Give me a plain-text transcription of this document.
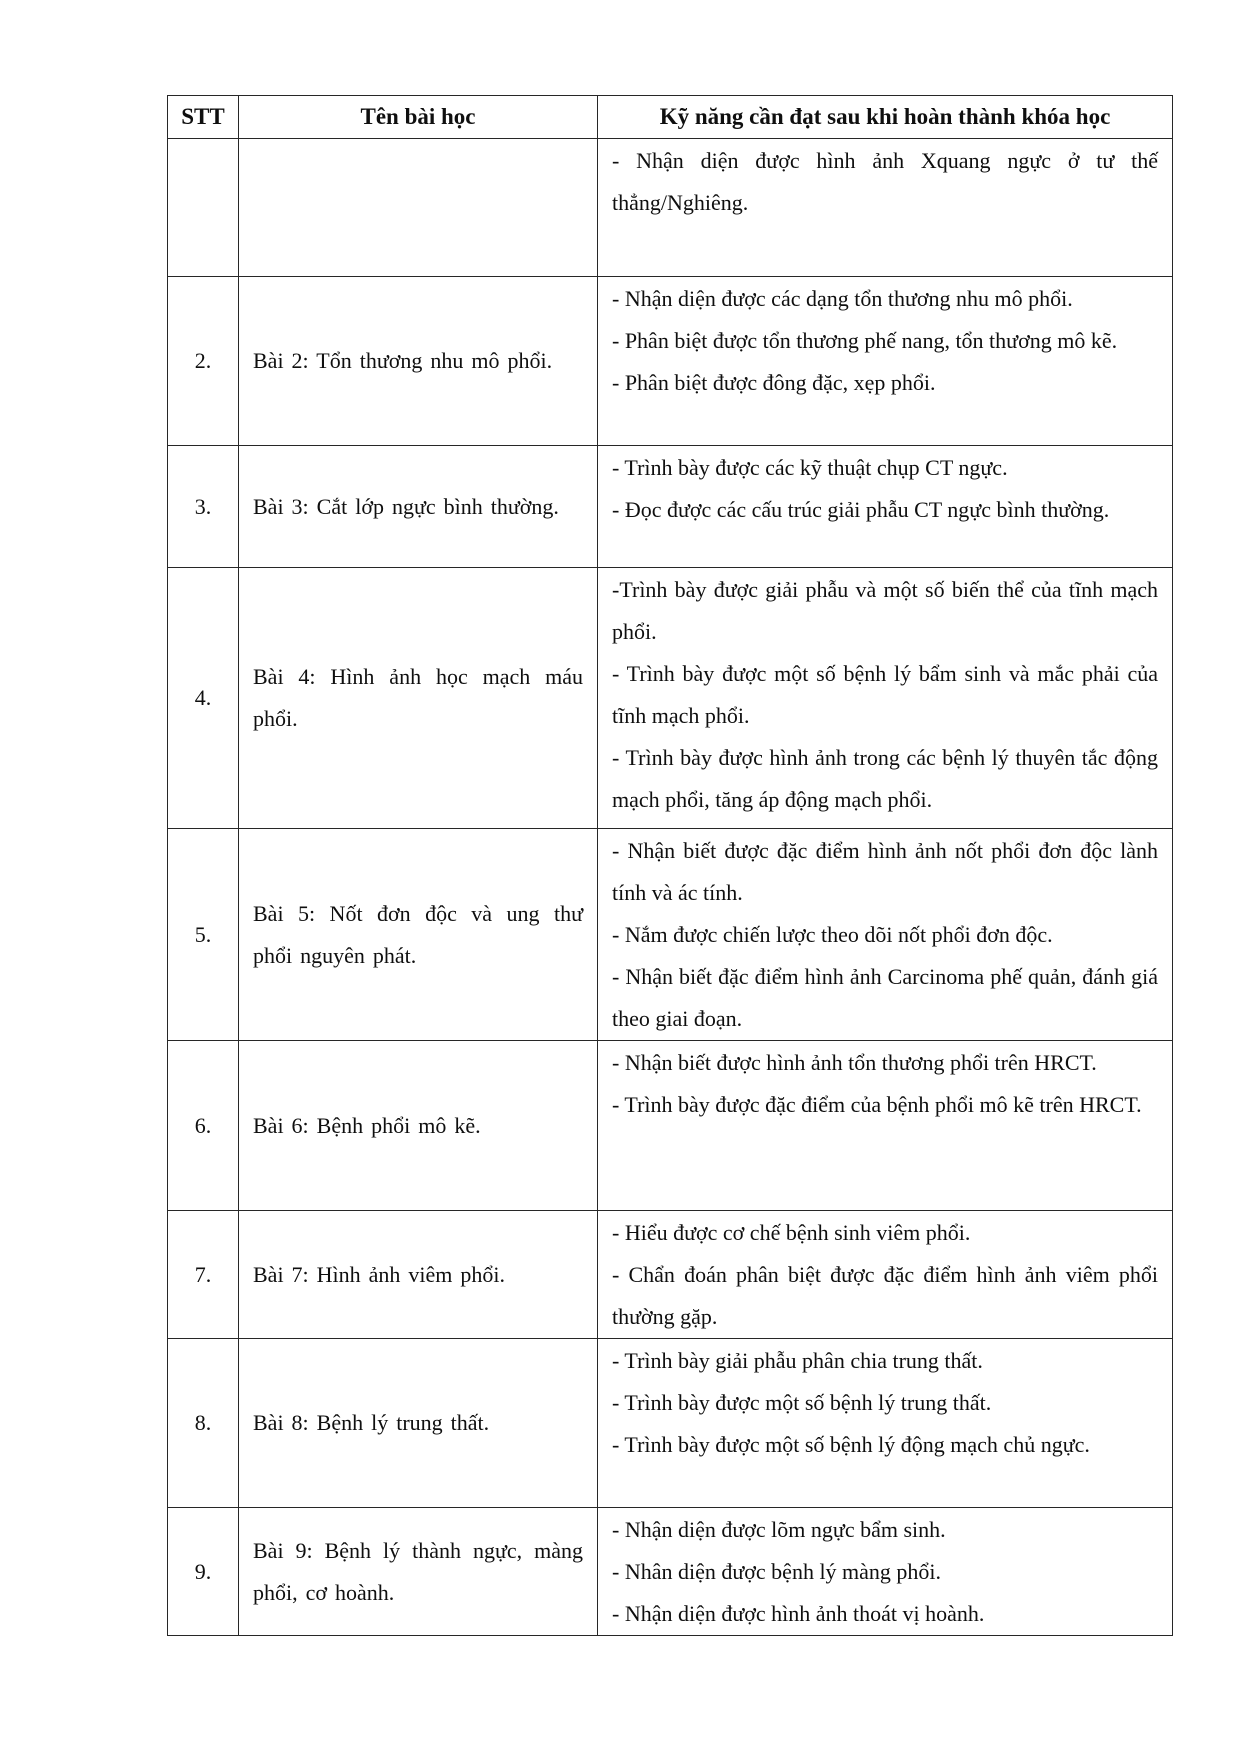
STT	Tên bài học	Kỹ năng cần đạt sau khi hoàn thành khóa học

		- Nhận diện được hình ảnh Xquang ngực ở tư thế thẳng/Nghiêng.

2.	Bài 2: Tổn thương nhu mô phổi.	- Nhận diện được các dạng tổn thương nhu mô phổi.
- Phân biệt được tổn thương phế nang, tổn thương mô kẽ.
- Phân biệt được đông đặc, xẹp phổi.

3.	Bài 3: Cắt lớp ngực bình thường.	- Trình bày được các kỹ thuật chụp CT ngực.
- Đọc được các cấu trúc giải phẫu CT ngực bình thường.

4.	Bài 4: Hình ảnh học mạch máu phổi.	-Trình bày được giải phẫu và một số biến thể của tĩnh mạch phổi.
- Trình bày được một số bệnh lý bẩm sinh và mắc phải của tĩnh mạch phổi.
- Trình bày được hình ảnh trong các bệnh lý thuyên tắc động mạch phổi, tăng áp động mạch phổi.

5.	Bài 5: Nốt đơn độc và ung thư phổi nguyên phát.	- Nhận biết được đặc điểm hình ảnh nốt phổi đơn độc lành tính và ác tính.
- Nắm được chiến lược theo dõi nốt phổi đơn độc.
- Nhận biết đặc điểm hình ảnh Carcinoma phế quản, đánh giá theo giai đoạn.

6.	Bài 6: Bệnh phổi mô kẽ.	- Nhận biết được hình ảnh tổn thương phổi trên HRCT.
- Trình bày được đặc điểm của bệnh phổi mô kẽ trên HRCT.

7.	Bài 7: Hình ảnh viêm phổi.	- Hiểu được cơ chế bệnh sinh viêm phổi.
- Chẩn đoán phân biệt được đặc điểm hình ảnh viêm phổi thường gặp.

8.	Bài 8: Bệnh lý trung thất.	- Trình bày giải phẫu phân chia trung thất.
- Trình bày được một số bệnh lý trung thất.
- Trình bày được một số bệnh lý động mạch chủ ngực.

9.	Bài 9: Bệnh lý thành ngực, màng phổi, cơ hoành.	- Nhận diện được lõm ngực bẩm sinh.
- Nhân diện được bệnh lý màng phổi.
- Nhận diện được hình ảnh thoát vị hoành.
